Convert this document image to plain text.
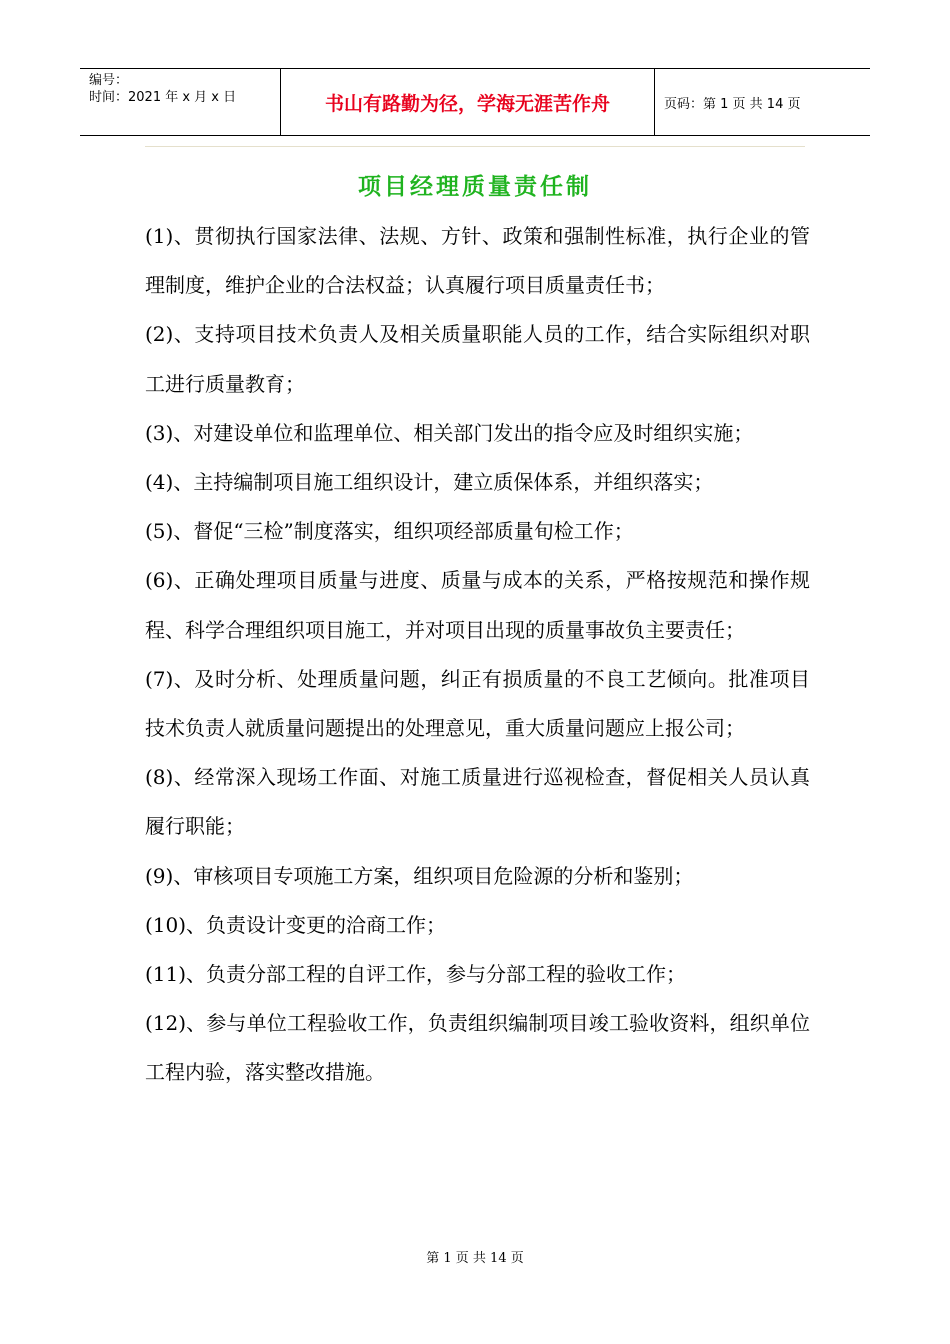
编号：
时间：2021 年 x 月 x 日	书山有路勤为径，学海无涯苦作舟	页码：第 1 页 共 14 页
项目经理质量责任制

(1)、贯彻执行国家法律、法规、方针、政策和强制性标准，执行企业的管理制度，维护企业的合法权益；认真履行项目质量责任书；

(2)、支持项目技术负责人及相关质量职能人员的工作，结合实际组织对职工进行质量教育；

(3)、对建设单位和监理单位、相关部门发出的指令应及时组织实施；

(4)、主持编制项目施工组织设计，建立质保体系，并组织落实；

(5)、督促“三检”制度落实，组织项经部质量旬检工作；

(6)、正确处理项目质量与进度、质量与成本的关系，严格按规范和操作规程、科学合理组织项目施工，并对项目出现的质量事故负主要责任；

(7)、及时分析、处理质量问题，纠正有损质量的不良工艺倾向。批准项目技术负责人就质量问题提出的处理意见，重大质量问题应上报公司；

(8)、经常深入现场工作面、对施工质量进行巡视检查，督促相关人员认真履行职能；

(9)、审核项目专项施工方案，组织项目危险源的分析和鉴别；

(10)、负责设计变更的洽商工作；

(11)、负责分部工程的自评工作，参与分部工程的验收工作；

(12)、参与单位工程验收工作，负责组织编制项目竣工验收资料，组织单位工程内验，落实整改措施。

第 1 页 共 14 页
